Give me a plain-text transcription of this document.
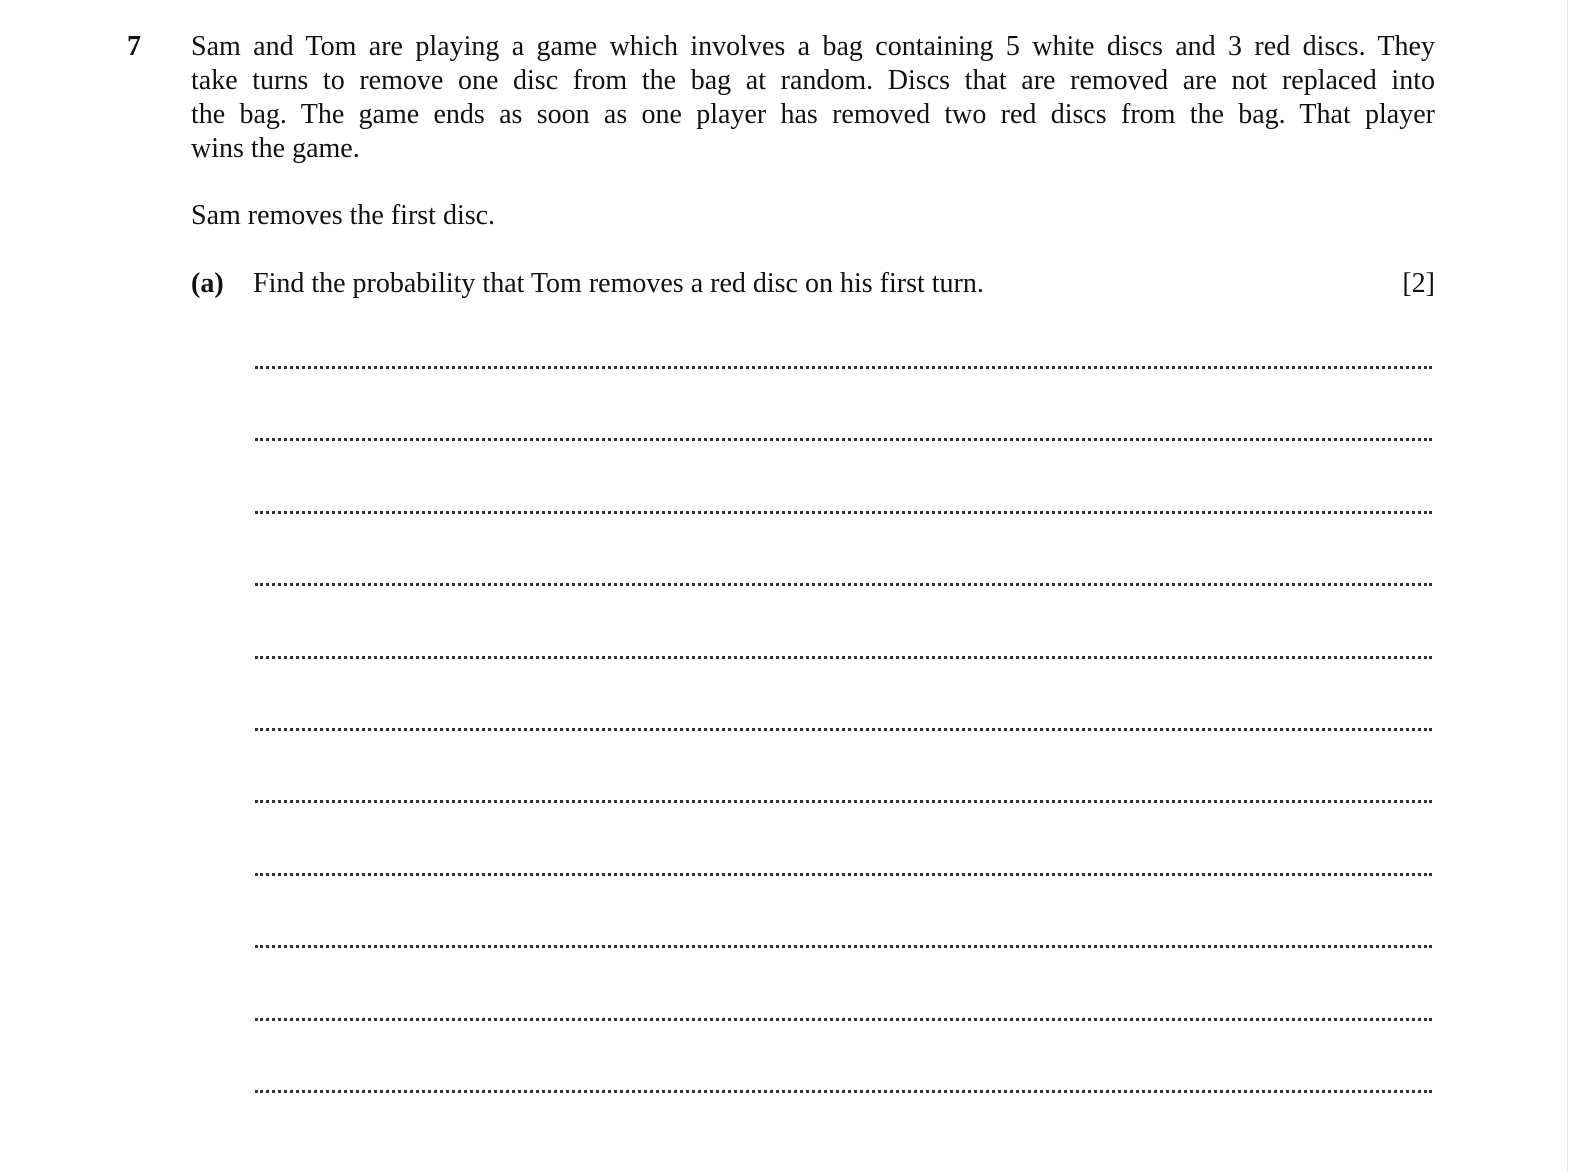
7 Sam and Tom are playing a game which involves a bag containing 5 white discs and 3 red discs. They
take turns to remove one disc from the bag at random. Discs that are removed are not replaced into
the bag. The game ends as soon as one player has removed two red discs from the bag. That player
wins the game.
Sam removes the first disc.
(a) Find the probability that Tom removes a red disc on his first turn.	[2]
